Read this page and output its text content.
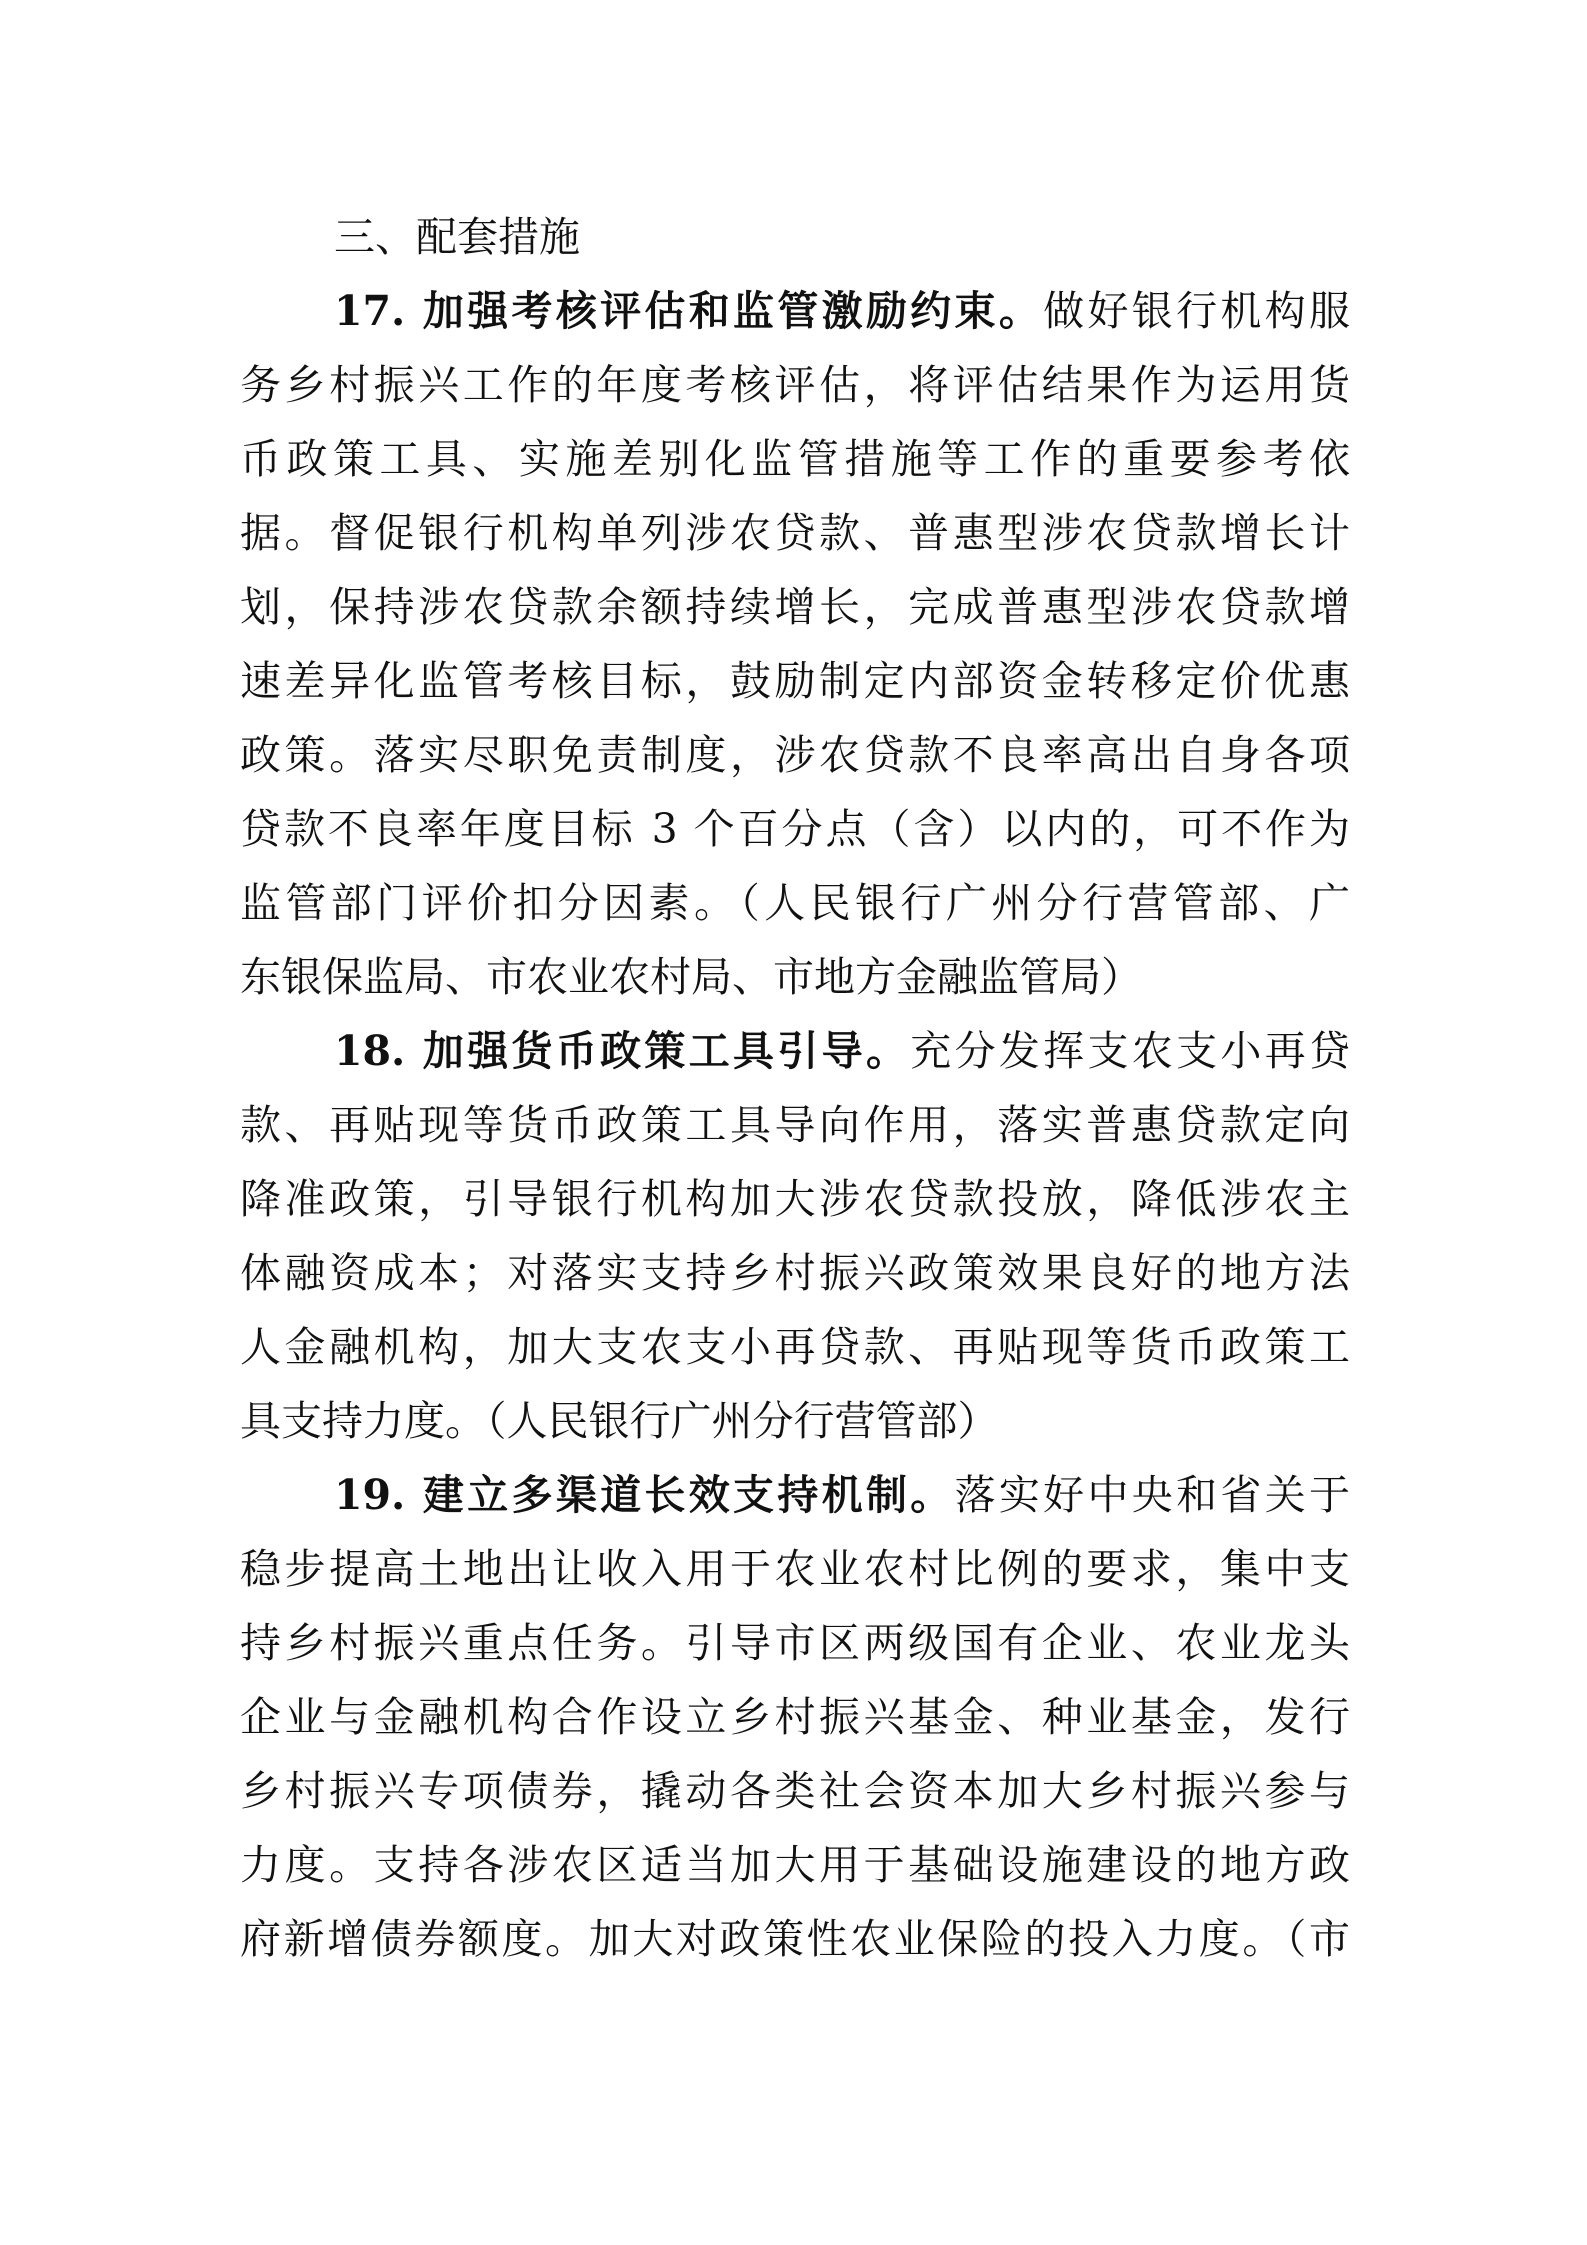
三、配套措施
17. 加强考核评估和监管激励约束。做好银行机构服
务乡村振兴工作的年度考核评估，将评估结果作为运用货
币政策工具、实施差别化监管措施等工作的重要参考依
据。督促银行机构单列涉农贷款、普惠型涉农贷款增长计
划，保持涉农贷款余额持续增长，完成普惠型涉农贷款增
速差异化监管考核目标，鼓励制定内部资金转移定价优惠
政策。落实尽职免责制度，涉农贷款不良率高出自身各项
贷款不良率年度目标 3 个百分点（含）以内的，可不作为
监管部门评价扣分因素。（人民银行广州分行营管部、广
东银保监局、市农业农村局、市地方金融监管局）
18. 加强货币政策工具引导。充分发挥支农支小再贷
款、再贴现等货币政策工具导向作用，落实普惠贷款定向
降准政策，引导银行机构加大涉农贷款投放，降低涉农主
体融资成本；对落实支持乡村振兴政策效果良好的地方法
人金融机构，加大支农支小再贷款、再贴现等货币政策工
具支持力度。（人民银行广州分行营管部）
19. 建立多渠道长效支持机制。落实好中央和省关于
稳步提高土地出让收入用于农业农村比例的要求，集中支
持乡村振兴重点任务。引导市区两级国有企业、农业龙头
企业与金融机构合作设立乡村振兴基金、种业基金，发行
乡村振兴专项债券，撬动各类社会资本加大乡村振兴参与
力度。支持各涉农区适当加大用于基础设施建设的地方政
府新增债券额度。加大对政策性农业保险的投入力度。（市
